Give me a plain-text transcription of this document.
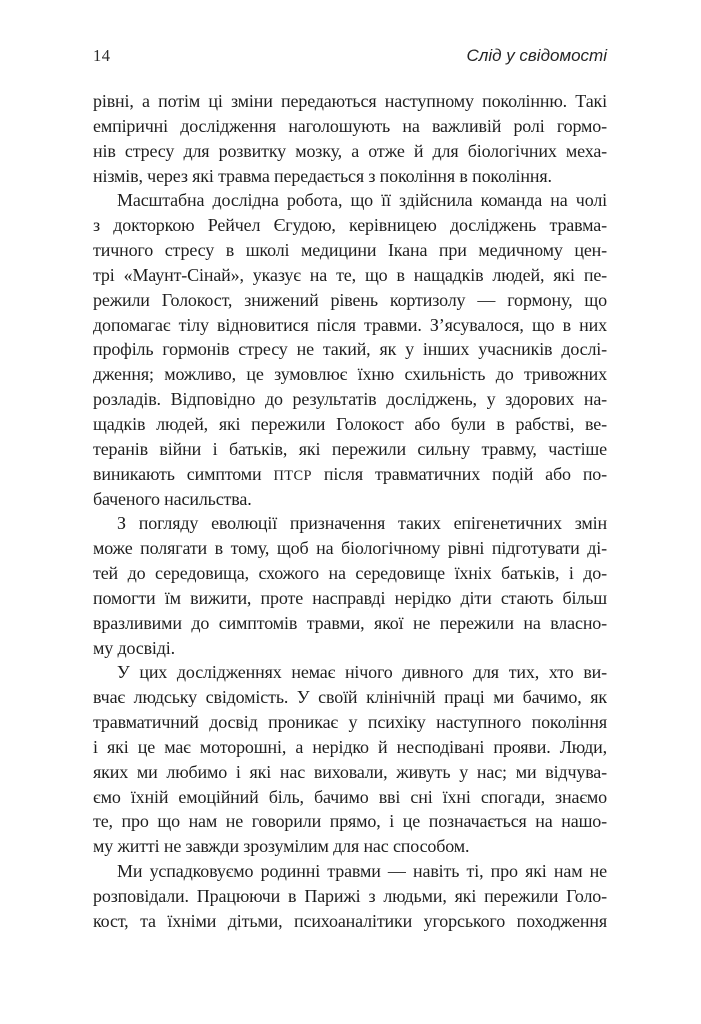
14	Слід у свідомості
рівні, а потім ці зміни передаються наступному поколінню. Такі
емпіричні дослідження наголошують на важливій ролі гормо-
нів стресу для розвитку мозку, а отже й для біологічних меха-
нізмів, через які травма передається з покоління в покоління.
Масштабна дослідна робота, що її здійснила команда на чолі
з докторкою Рейчел Єгудою, керівницею досліджень травма-
тичного стресу в школі медицини Ікана при медичному цен-
трі «Маунт-Сінай», указує на те, що в нащадків людей, які пе-
режили Голокост, знижений рівень кортизолу — гормону, що
допомагає тілу відновитися після травми. З’ясувалося, що в них
профіль гормонів стресу не такий, як у інших учасників дослі-
дження; можливо, це зумовлює їхню схильність до тривожних
розладів. Відповідно до результатів досліджень, у здорових на-
щадків людей, які пережили Голокост або були в рабстві, ве-
теранів війни і батьків, які пережили сильну травму, частіше
виникають симптоми ПТСР після травматичних подій або по-
баченого насильства.
З погляду еволюції призначення таких епігенетичних змін
може полягати в тому, щоб на біологічному рівні підготувати ді-
тей до середовища, схожого на середовище їхніх батьків, і до-
помогти їм вижити, проте насправді нерідко діти стають більш
вразливими до симптомів травми, якої не пережили на власно-
му досвіді.
У цих дослідженнях немає нічого дивного для тих, хто ви-
вчає людську свідомість. У своїй клінічній праці ми бачимо, як
травматичний досвід проникає у психіку наступного покоління
і які це має моторошні, а нерідко й несподівані прояви. Люди,
яких ми любимо і які нас виховали, живуть у нас; ми відчува-
ємо їхній емоційний біль, бачимо вві сні їхні спогади, знаємо
те, про що нам не говорили прямо, і це позначається на нашо-
му житті не завжди зрозумілим для нас способом.
Ми успадковуємо родинні травми — навіть ті, про які нам не
розповідали. Працюючи в Парижі з людьми, які пережили Голо-
кост, та їхніми дітьми, психоаналітики угорського походження
